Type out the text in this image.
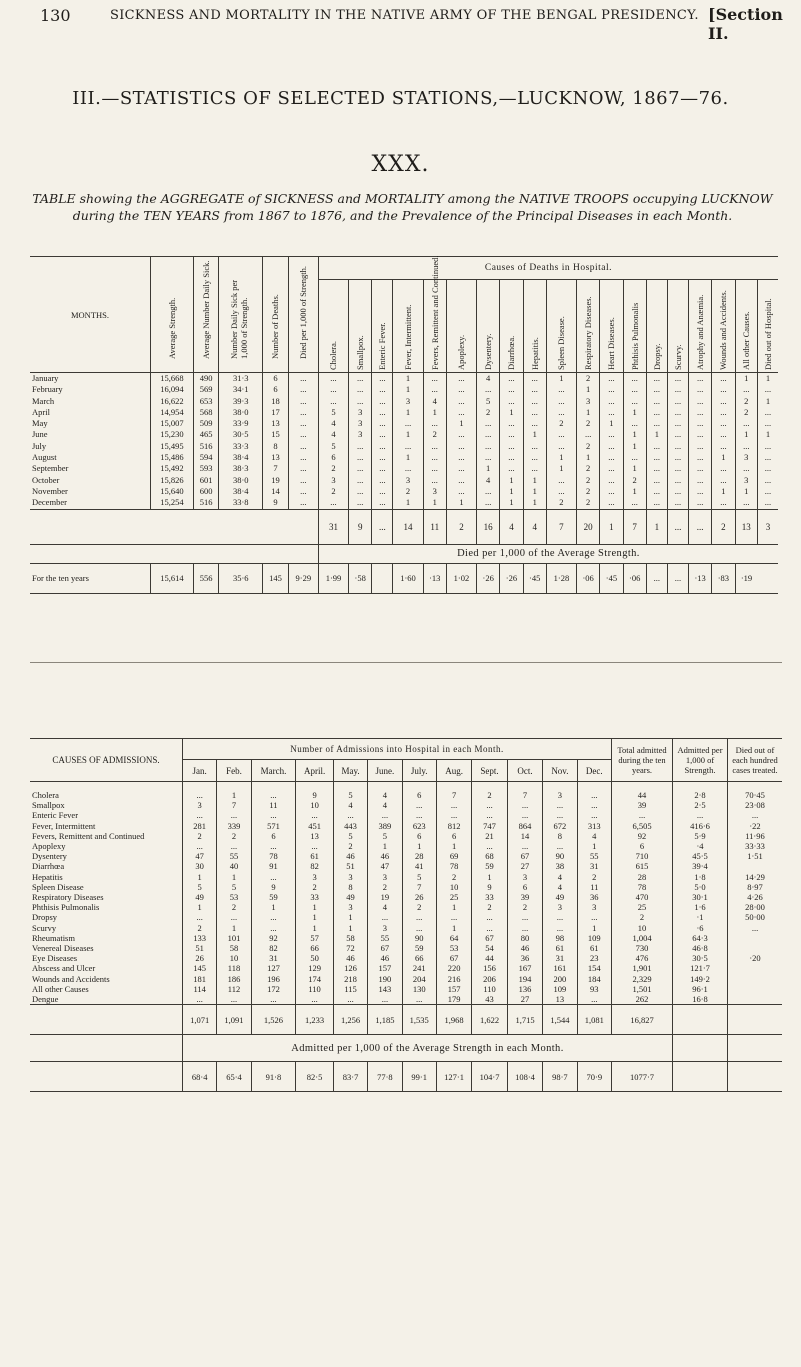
130	SICKNESS AND MORTALITY IN THE NATIVE ARMY OF THE BENGAL PRESIDENCY. [Section II.
III.—STATISTICS OF SELECTED STATIONS,—LUCKNOW, 1867—76.
XXX.
TABLE showing the AGGREGATE of SICKNESS and MORTALITY among the NATIVE TROOPS occupying LUCKNOW during the TEN YEARS from 1867 to 1876, and the Prevalence of the Principal Diseases in each Month.
MONTHS.	Average Strength.	Average Number Daily Sick.	Number Daily Sick per 1,000 of Strength.	Number of Deaths.	Died per 1,000 of Strength.	Causes of Deaths in Hospital.																		
						Cholera.	Smallpox.	Enteric Fever.	Fever, Intermittent.	Fevers, Remittent and Continued.	Apoplexy.	Dysentery.	Diarrhœa.	Hepatitis.	Spleen Disease.	Respiratory Diseases.	Heart Diseases.	Phthisis Pulmonalis	Dropsy.	Scurvy.	Atrophy and Anæmia.	Wounds and Accidents.	All other Causes.	Died out of Hospital.
January	15,668	490	31·3	6	...	...	...	...	1	...	...	4	...	...	1	2	...	...	...	...	...	...	1	1
February	16,094	569	34·1	6	...	...	...	...	1	...	...	...	...	...	...	1	...	...	...	...	...	...	...	...
March	16,622	653	39·3	18	...	...	...	...	3	4	...	5	...	...	...	3	...	...	...	...	...	...	2	1
April	14,954	568	38·0	17	...	5	3	...	1	1	...	2	1	...	...	1	...	1	...	...	...	...	2	...
May	15,007	509	33·9	13	...	4	3	...	...	...	1	...	...	...	2	2	1	...	...	...	...	...	...	...
June	15,230	465	30·5	15	...	4	3	...	1	2	...	...	...	1	...	...	...	1	1	...	...	...	1	1
July	15,495	516	33·3	8	...	5	...	...	...	...	...	...	...	...	...	2	...	1	...	...	...	...	...	...
August	15,486	594	38·4	13	...	6	...	...	1	...	...	...	...	...	1	1	...	...	...	...	...	1	3	...
September	15,492	593	38·3	7	...	2	...	...	...	...	...	1	...	...	1	2	...	1	...	...	...	...	...	...
October	15,826	601	38·0	19	...	3	...	...	3	...	...	4	1	1	...	2	...	2	...	...	...	...	3	...
November	15,640	600	38·4	14	...	2	...	...	2	3	...	...	1	1	...	2	...	1	...	...	...	1	1	...
December	15,254	516	33·8	9	...	...	...	...	1	1	1	...	1	1	2	2	...	...	...	...	...	...	...	...
						31	9	...	14	11	2	16	4	4	7	20	1	7	1	...	...	2	13	3
						Died per 1,000 of the Average Strength.																		
For the ten years	15,614	556	35·6	145	9·29	1·99	·58		1·60	·13	1·02	·26	·26	·45	1·28	·06	·45	·06	...	...	·13	·83	·19	
CAUSES OF ADMISSIONS.	Number of Admissions into Hospital in each Month.												Total admitted during the ten years.	Admitted per 1,000 of Strength.	Died out of each hundred cases treated.
	Jan.	Feb.	March.	April.	May.	June.	July.	Aug.	Sept.	Oct.	Nov.	Dec.			
Cholera	...	1	...	9	5	4	6	7	2	7	3	...	44	2·8	70·45
Smallpox	3	7	11	10	4	4	...	...	...	...	...	...	39	2·5	23·08
Enteric Fever	...	...	...	...	...	...	...	...	...	...	...	...	...	...	...
Fever, Intermittent	281	339	571	451	443	389	623	812	747	864	672	313	6,505	416·6	·22
Fevers, Remittent and Continued	2	2	6	13	5	5	6	6	21	14	8	4	92	5·9	11·96
Apoplexy	...	...	...	...	2	1	1	1	...	...	...	1	6	·4	33·33
Dysentery	47	55	78	61	46	46	28	69	68	67	90	55	710	45·5	1·51
Diarrhœa	30	40	91	82	51	47	41	78	59	27	38	31	615	39·4	
Hepatitis	1	1	...	3	3	3	5	2	1	3	4	2	28	1·8	14·29
Spleen Disease	5	5	9	2	8	2	7	10	9	6	4	11	78	5·0	8·97
Respiratory Diseases	49	53	59	33	49	19	26	25	33	39	49	36	470	30·1	4·26
Phthisis Pulmonalis	1	2	1	1	3	4	2	1	2	2	3	3	25	1·6	28·00
Dropsy	...	...	...	1	1	...	...	...	...	...	...	...	2	·1	50·00
Scurvy	2	1	...	1	1	3	...	1	...	...	...	1	10	·6	...
Rheumatism	133	101	92	57	58	55	90	64	67	80	98	109	1,004	64·3	
Venereal Diseases	51	58	82	66	72	67	59	53	54	46	61	61	730	46·8	
Eye Diseases	26	10	31	50	46	46	66	67	44	36	31	23	476	30·5	·20
Abscess and Ulcer	145	118	127	129	126	157	241	220	156	167	161	154	1,901	121·7	
Wounds and Accidents	181	186	196	174	218	190	204	216	206	194	200	184	2,329	149·2	
All other Causes	114	112	172	110	115	143	130	157	110	136	109	93	1,501	96·1	
Dengue	...	...	...	...	...	...	...	179	43	27	13	...	262	16·8	
	1,071	1,091	1,526	1,233	1,256	1,185	1,535	1,968	1,622	1,715	1,544	1,081	16,827		
	Admitted per 1,000 of the Average Strength in each Month.														
	68·4	65·4	91·8	82·5	83·7	77·8	99·1	127·1	104·7	108·4	98·7	70·9	1077·7		
